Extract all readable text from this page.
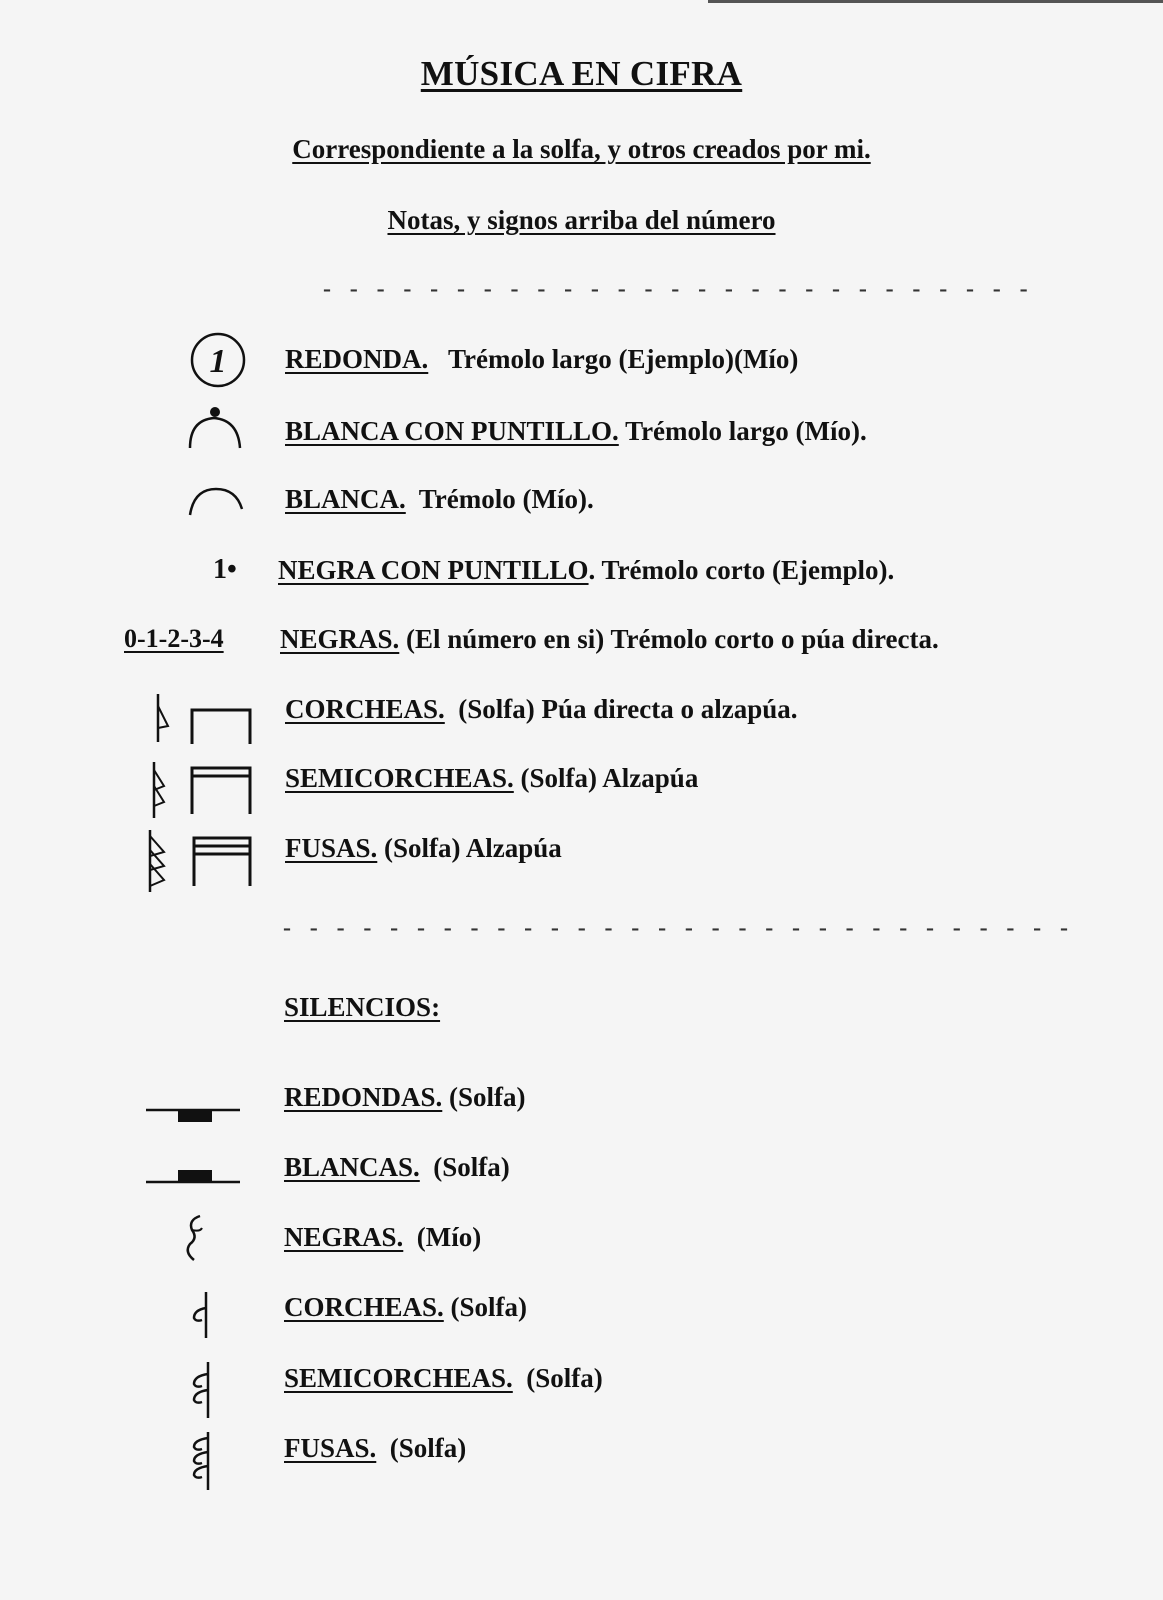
MÚSICA EN CIFRA
Correspondiente a la solfa, y otros creados por mi.
Notas, y signos arriba del número
- - - - - - - - - - - - - - - - - - - - - - - - - - -
1 REDONDA. Trémolo largo (Ejemplo)(Mío)
BLANCA CON PUNTILLO. Trémolo largo (Mío).
BLANCA. Trémolo (Mío).
1• NEGRA CON PUNTILLO. Trémolo corto (Ejemplo).
0-1-2-3-4 NEGRAS. (El número en si) Trémolo corto o púa directa.
CORCHEAS. (Solfa) Púa directa o alzapúa.
SEMICORCHEAS. (Solfa) Alzapúa
FUSAS. (Solfa) Alzapúa
- - - - - - - - - - - - - - - - - - - - - - - - - - - - - -
SILENCIOS:
REDONDAS. (Solfa)
BLANCAS. (Solfa)
NEGRAS. (Mío)
CORCHEAS. (Solfa)
SEMICORCHEAS. (Solfa)
FUSAS. (Solfa)
